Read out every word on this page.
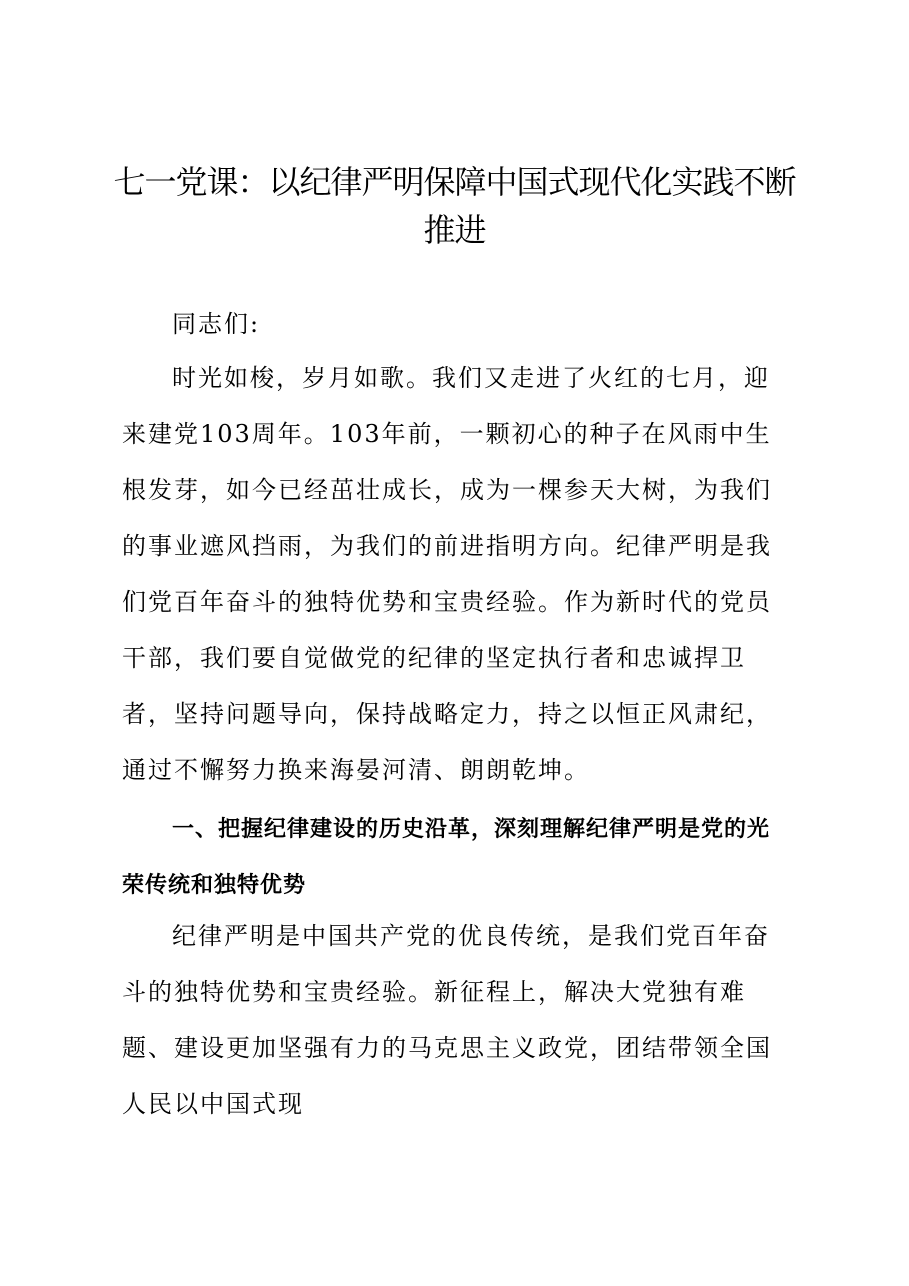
七一党课：以纪律严明保障中国式现代化实践不断推进

同志们:

时光如梭，岁月如歌。我们又走进了火红的七月，迎来建党103周年。103年前，一颗初心的种子在风雨中生根发芽，如今已经茁壮成长，成为一棵参天大树，为我们的事业遮风挡雨，为我们的前进指明方向。纪律严明是我们党百年奋斗的独特优势和宝贵经验。作为新时代的党员干部，我们要自觉做党的纪律的坚定执行者和忠诚捍卫者，坚持问题导向，保持战略定力，持之以恒正风肃纪，通过不懈努力换来海晏河清、朗朗乾坤。

一、把握纪律建设的历史沿革，深刻理解纪律严明是党的光荣传统和独特优势

纪律严明是中国共产党的优良传统，是我们党百年奋斗的独特优势和宝贵经验。新征程上，解决大党独有难题、建设更加坚强有力的马克思主义政党，团结带领全国人民以中国式现
